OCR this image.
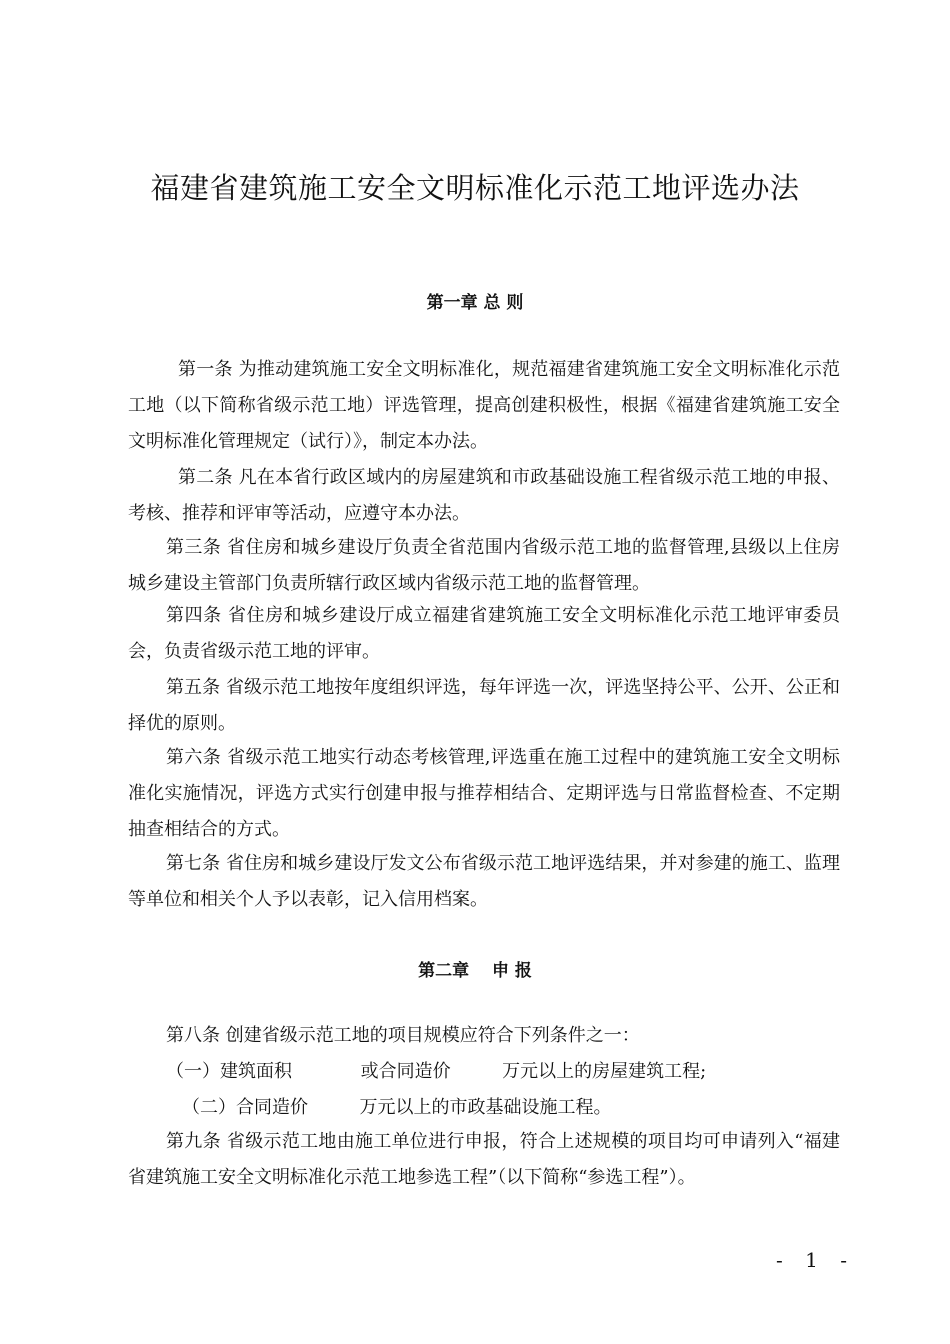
福建省建筑施工安全文明标准化示范工地评选办法
第一章 总 则
第一条 为推动建筑施工安全文明标准化，规范福建省建筑施工安全文明标准化示范工地（以下简称省级示范工地）评选管理，提高创建积极性，根据《福建省建筑施工安全文明标准化管理规定（试行）》，制定本办法。
第二条 凡在本省行政区域内的房屋建筑和市政基础设施工程省级示范工地的申报、考核、推荐和评审等活动，应遵守本办法。
第三条 省住房和城乡建设厅负责全省范围内省级示范工地的监督管理,县级以上住房城乡建设主管部门负责所辖行政区域内省级示范工地的监督管理。
第四条 省住房和城乡建设厅成立福建省建筑施工安全文明标准化示范工地评审委员会，负责省级示范工地的评审。
第五条 省级示范工地按年度组织评选，每年评选一次，评选坚持公平、公开、公正和择优的原则。
第六条 省级示范工地实行动态考核管理,评选重在施工过程中的建筑施工安全文明标准化实施情况，评选方式实行创建申报与推荐相结合、定期评选与日常监督检查、不定期抽查相结合的方式。
第七条 省住房和城乡建设厅发文公布省级示范工地评选结果，并对参建的施工、监理等单位和相关个人予以表彰，记入信用档案。
第二章　 申 报
第八条 创建省级示范工地的项目规模应符合下列条件之一：
（一）建筑面积            或合同造价         万元以上的房屋建筑工程;
（二）合同造价         万元以上的市政基础设施工程。
第九条 省级示范工地由施工单位进行申报，符合上述规模的项目均可申请列入“福建省建筑施工安全文明标准化示范工地参选工程”（以下简称“参选工程”）。
- 1 -
